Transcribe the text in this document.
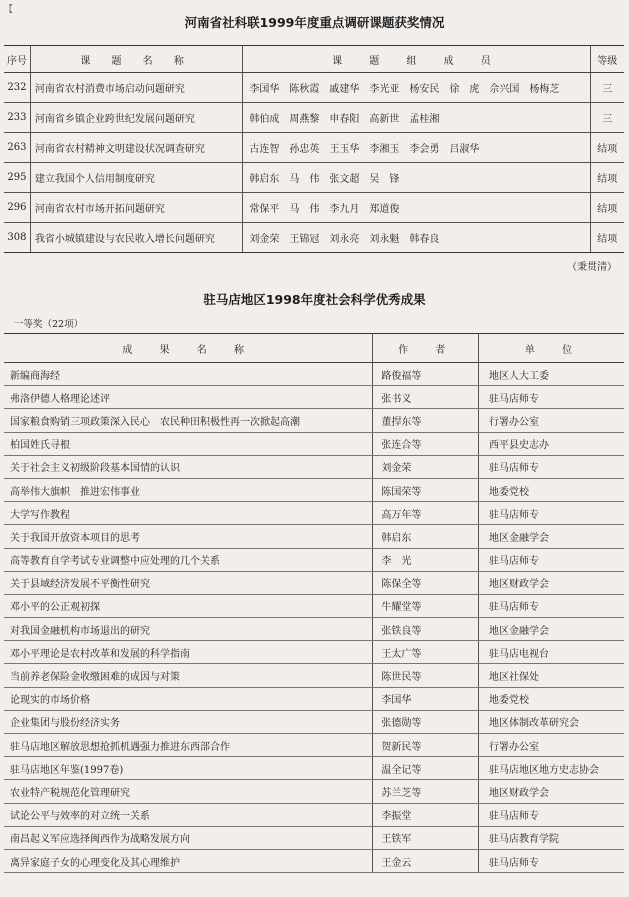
【
河南省社科联1999年度重点调研课题获奖情况
序号	课 题 名 称	课 题 组 成 员	等级
232	河南省农村消费市场启动问题研究	李国华　陈秋霞　戚建华　李光亚　杨安民　徐　虎　佘兴国　杨梅芝	三
233	河南省乡镇企业跨世纪发展问题研究	韩伯成　周燕黎　申春阳　高新世　孟桂湘	三
263	河南省农村精神文明建设状况调查研究	古连智　孙忠英　王玉华　李湘玉　李会勇　吕淑华	结项
295	建立我国个人信用制度研究	韩启东　马　伟　张文超　吴　锋	结项
296	河南省农村市场开拓问题研究	常保平　马　伟　李九月　郑道俊	结项
308	我省小城镇建设与农民收入增长问题研究	刘金荣　王锦冠　刘永亮　刘永魁　韩春良	结项
（秉贯清）
驻马店地区1998年度社会科学优秀成果
一等奖（22项）
成 果 名 称	作 者	单 位
新编商海经	路俊福等	地区人大工委
弗洛伊德人格理论述评	张书义	驻马店师专
国家粮食购销三项政策深入民心　农民种田积极性再一次掀起高潮	董捍东等	行署办公室
柏国姓氏寻根	张连合等	西平县史志办
关于社会主义初级阶段基本国情的认识	刘金荣	驻马店师专
高举伟大旗帜　推进宏伟事业	陈国荣等	地委党校
大学写作教程	高万年等	驻马店师专
关于我国开放资本项目的思考	韩启东	地区金融学会
高等教育自学考试专业调整中应处理的几个关系	李　光	驻马店师专
关于县域经济发展不平衡性研究	陈保全等	地区财政学会
邓小平的公正观初探	牛耀堂等	驻马店师专
对我国金融机构市场退出的研究	张铁良等	地区金融学会
邓小平理论是农村改革和发展的科学指南	王太广等	驻马店电视台
当前养老保险金收缴困难的成因与对策	陈世民等	地区社保处
论现实的市场价格	李国华	地委党校
企业集团与股份经济实务	张德勋等	地区体制改革研究会
驻马店地区解放思想抢抓机遇强力推进东西部合作	贺新民等	行署办公室
驻马店地区年鉴(1997卷)	温全记等	驻马店地区地方史志协会
农业特产税规范化管理研究	苏兰芝等	地区财政学会
试论公平与效率的对立统一关系	李振堂	驻马店师专
南昌起义军应选择闽西作为战略发展方向	王铁军	驻马店教育学院
离异家庭子女的心理变化及其心理维护	王金云	驻马店师专
